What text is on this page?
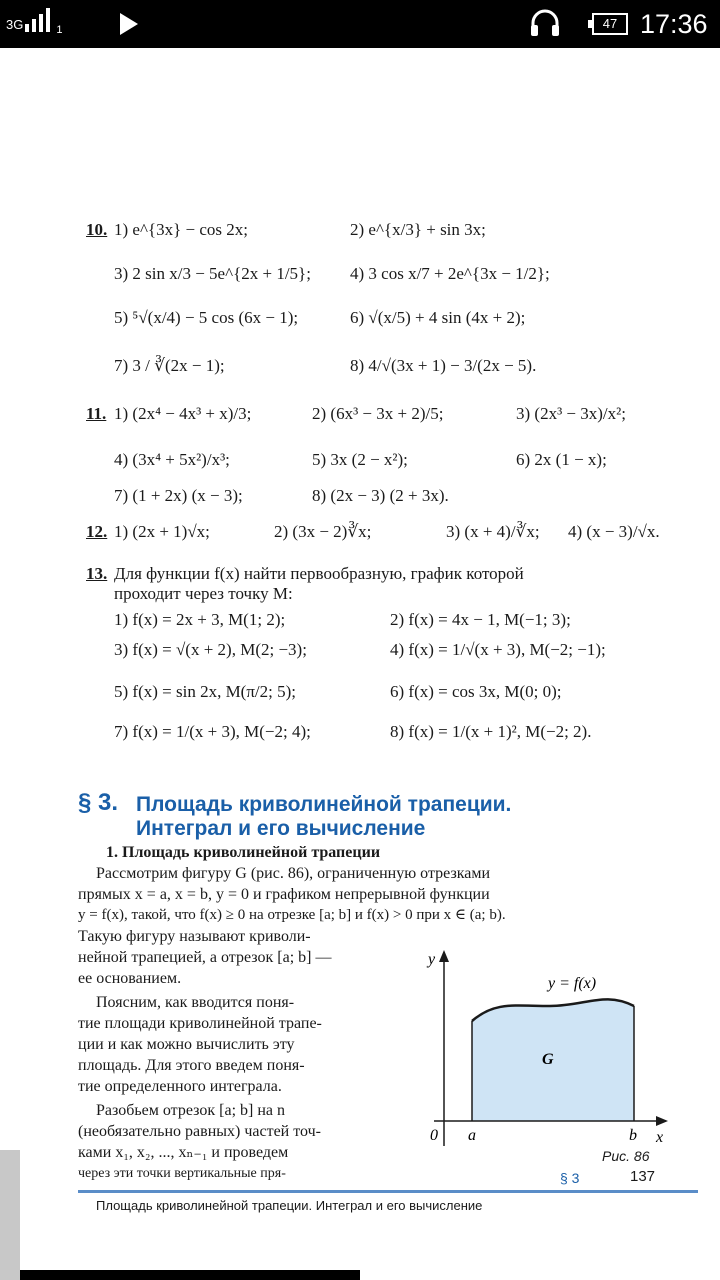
3G	1	47 17:36
10. 1) e^{3x} − cos 2x;	2) e^{x/3} + sin 3x;
3) 2 sin x/3 − 5e^{2x + 1/5}; 4) 3 cos x/7 + 2e^{3x − 1/2};
5) ⁵√(x/4) − 5 cos (6x − 1);	6) √(x/5) + 4 sin (4x + 2);
7) 3 / ∛(2x − 1);	8) 4/√(3x + 1) − 3/(2x − 5).
11. 1) (2x⁴ − 4x³ + x)/3;	2) (6x³ − 3x + 2)/5;	3) (2x³ − 3x)/x²;
4) (3x⁴ + 5x²)/x³;	5) 3x (2 − x²);	6) 2x (1 − x);
7) (1 + 2x) (x − 3);	8) (2x − 3) (2 + 3x).
12. 1) (2x + 1)√x;	2) (3x − 2)∛x;	3) (x + 4)/∛x; 4) (x − 3)/√x.
13. Для функции f(x) найти первообразную, график которой
проходит через точку M:
1) f(x) = 2x + 3, M(1; 2);	2) f(x) = 4x − 1, M(−1; 3);
3) f(x) = √(x + 2), M(2; −3);	4) f(x) = 1/√(x + 3), M(−2; −1);
5) f(x) = sin 2x, M(π/2; 5);	6) f(x) = cos 3x, M(0; 0);
7) f(x) = 1/(x + 3), M(−2; 4);	8) f(x) = 1/(x + 1)², M(−2; 2).
§ 3. Площадь криволинейной трапеции.
Интеграл и его вычисление
1. Площадь криволинейной трапеции
Рассмотрим фигуру G (рис. 86), ограниченную отрезками
прямых x = a, x = b, y = 0 и графиком непрерывной функции
y = f(x), такой, что f(x) ≥ 0 на отрезке [a; b] и f(x) > 0 при x ∈ (a; b).
Такую фигуру называют криволи-
нейной трапецией, а отрезок [a; b] —
ее основанием.
Поясним, как вводится поня-
тие площади криволинейной трапе-
ции и как можно вычислить эту
площадь. Для этого введем поня-
тие определенного интеграла.
Разобьем отрезок [a; b] на n
(необязательно равных) частей точ-
ками x₁, x₂, ..., xₙ₋₁ и проведем
через эти точки вертикальные пря-
y
x
0 a	b
y = f(x)
G
Рис. 86
§ 3	137
Площадь криволинейной трапеции. Интеграл и его вычисление
